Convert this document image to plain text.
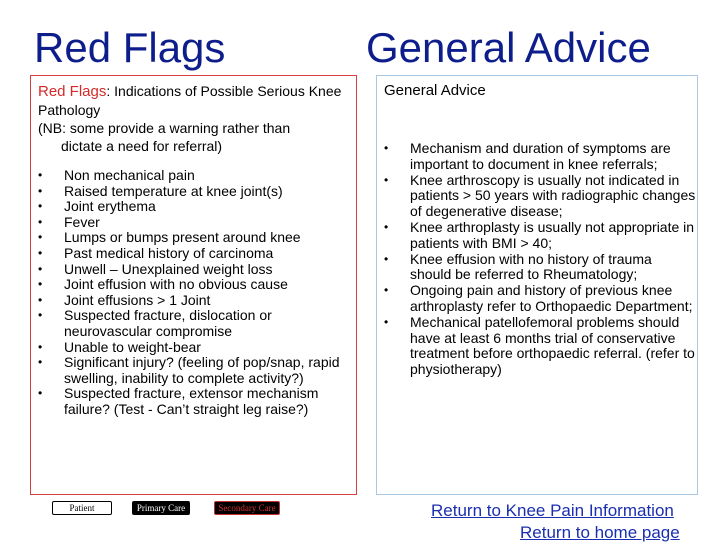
Red Flags	General Advice
Red Flags: Indications of Possible Serious Knee Pathology
(NB: some provide a warning rather than
dictate a need for referral)
• Non mechanical pain
• Raised temperature at knee joint(s)
• Joint erythema
• Fever
• Lumps or bumps present around knee
• Past medical history of carcinoma
• Unwell – Unexplained weight loss
• Joint effusion with no obvious cause
• Joint effusions > 1 Joint
• Suspected fracture, dislocation or neurovascular compromise
• Unable to weight-bear
• Significant injury? (feeling of pop/snap, rapid swelling, inability to complete activity?)
• Suspected fracture, extensor mechanism failure? (Test - Can’t straight leg raise?)
General Advice
• Mechanism and duration of symptoms are important to document in knee referrals;
• Knee arthroscopy is usually not indicated in patients > 50 years with radiographic changes of degenerative disease;
• Knee arthroplasty is usually not appropriate in patients with BMI > 40;
• Knee effusion with no history of trauma should be referred to Rheumatology;
• Ongoing pain and history of previous knee arthroplasty refer to Orthopaedic Department;
• Mechanical patellofemoral problems should have at least 6 months trial of conservative treatment before orthopaedic referral. (refer to physiotherapy)
Patient	Primary Care	Secondary Care	Return to Knee Pain Information
Return to home page
